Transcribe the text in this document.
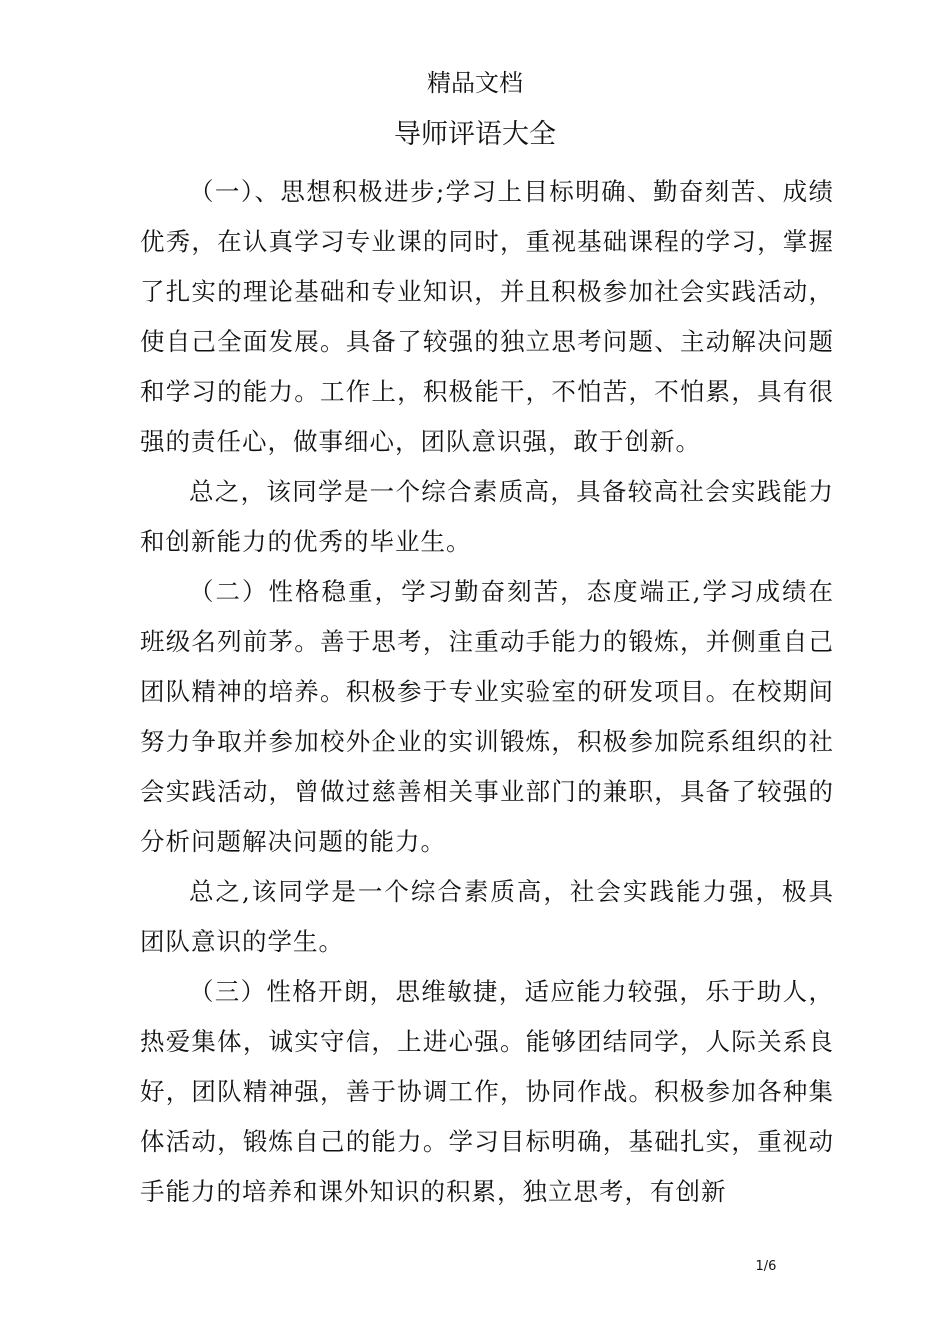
精品文档
导师评语大全

（一）、思想积极进步;学习上目标明确、勤奋刻苦、成绩优秀，在认真学习专业课的同时，重视基础课程的学习，掌握了扎实的理论基础和专业知识，并且积极参加社会实践活动，使自己全面发展。具备了较强的独立思考问题、主动解决问题和学习的能力。工作上，积极能干，不怕苦，不怕累，具有很强的责任心，做事细心，团队意识强，敢于创新。

总之，该同学是一个综合素质高，具备较高社会实践能力和创新能力的优秀的毕业生。

（二）性格稳重，学习勤奋刻苦，态度端正,学习成绩在班级名列前茅。善于思考，注重动手能力的锻炼，并侧重自己团队精神的培养。积极参于专业实验室的研发项目。在校期间努力争取并参加校外企业的实训锻炼，积极参加院系组织的社会实践活动，曾做过慈善相关事业部门的兼职，具备了较强的分析问题解决问题的能力。

总之,该同学是一个综合素质高，社会实践能力强，极具团队意识的学生。

（三）性格开朗，思维敏捷，适应能力较强，乐于助人，热爱集体，诚实守信，上进心强。能够团结同学，人际关系良好，团队精神强，善于协调工作，协同作战。积极参加各种集体活动，锻炼自己的能力。学习目标明确，基础扎实，重视动手能力的培养和课外知识的积累，独立思考，有创新

1/6
